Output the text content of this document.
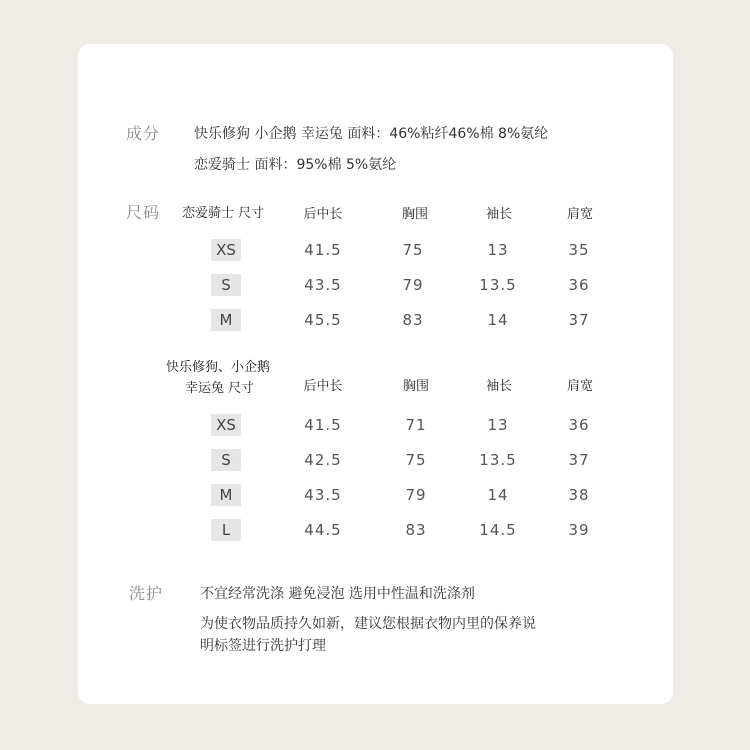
成分 快乐修狗 小企鹅 幸运兔 面料：46%粘纤46%棉 8%氨纶
恋爱骑士 面料：95%棉 5%氨纶
尺码 恋爱骑士 尺寸	后中长	胸围	袖长	肩宽
XS	41.5	75	13	35
S	43.5	79	13.5	36
M	45.5	83	14	37
快乐修狗、小企鹅
幸运兔 尺寸	后中长	胸围	袖长	肩宽
XS	41.5	71	13	36
S	42.5	75	13.5	37
M	43.5	79	14	38
L	44.5	83	14.5	39
洗护	不宜经常洗涤 避免浸泡 选用中性温和洗涤剂
为使衣物品质持久如新，建议您根据衣物内里的保养说
明标签进行洗护打理
